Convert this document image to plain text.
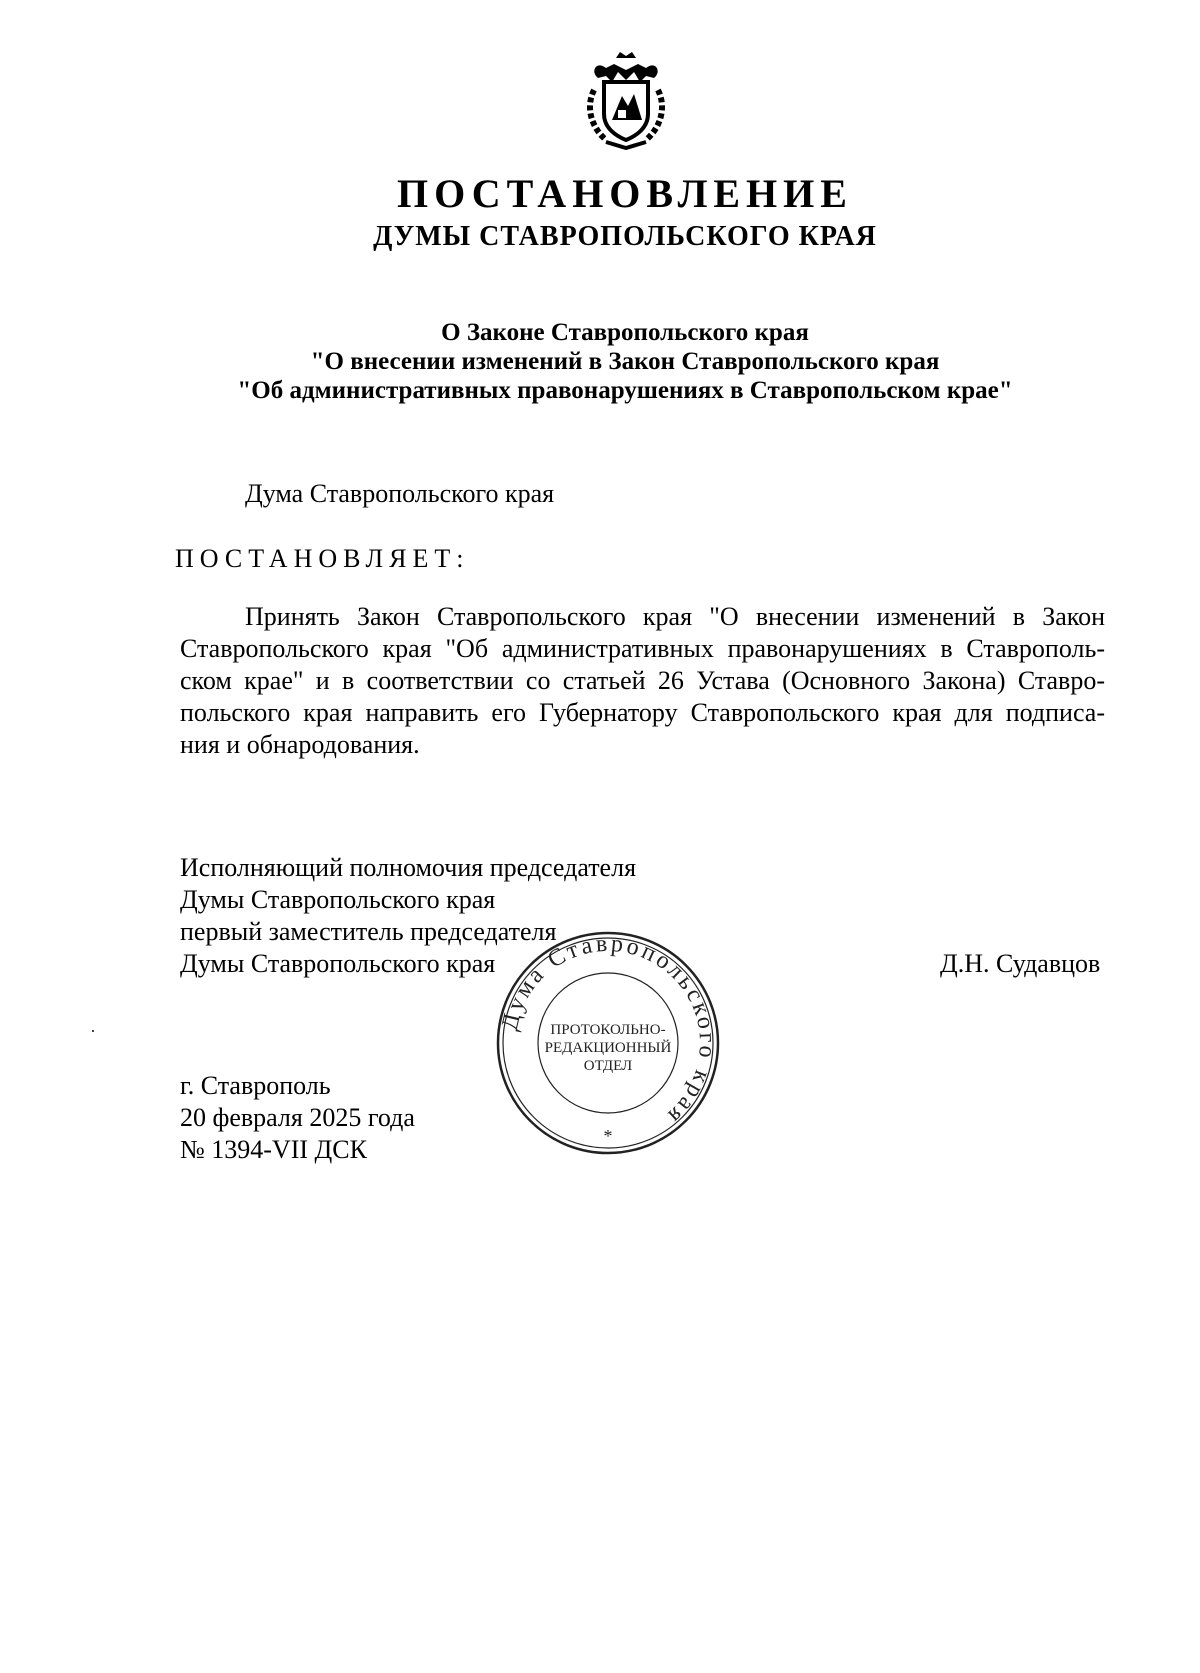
ПОСТАНОВЛЕНИЕ
ДУМЫ СТАВРОПОЛЬСКОГО КРАЯ
О Законе Ставропольского края
"О внесении изменений в Закон Ставропольского края
"Об административных правонарушениях в Ставропольском крае"
Дума Ставропольского края
ПОСТАНОВЛЯЕТ:
Принять Закон Ставропольского края "О внесении изменений в Закон
Ставропольского края "Об административных правонарушениях в Ставрополь-
ском крае" и в соответствии со статьей 26 Устава (Основного Закона) Ставро-
польского края направить его Губернатору Ставропольского края для подписа-
ния и обнародования.
Исполняющий полномочия председателя
Думы Ставропольского края
первый заместитель председателя
Думы Ставропольского края	Д.Н. Судавцов
г. Ставрополь
20 февраля 2025 года
№ 1394-VII ДСК
Дума Ставропольского края
ПРОТОКОЛЬНО-
РЕДАКЦИОННЫЙ
ОТДЕЛ
*
